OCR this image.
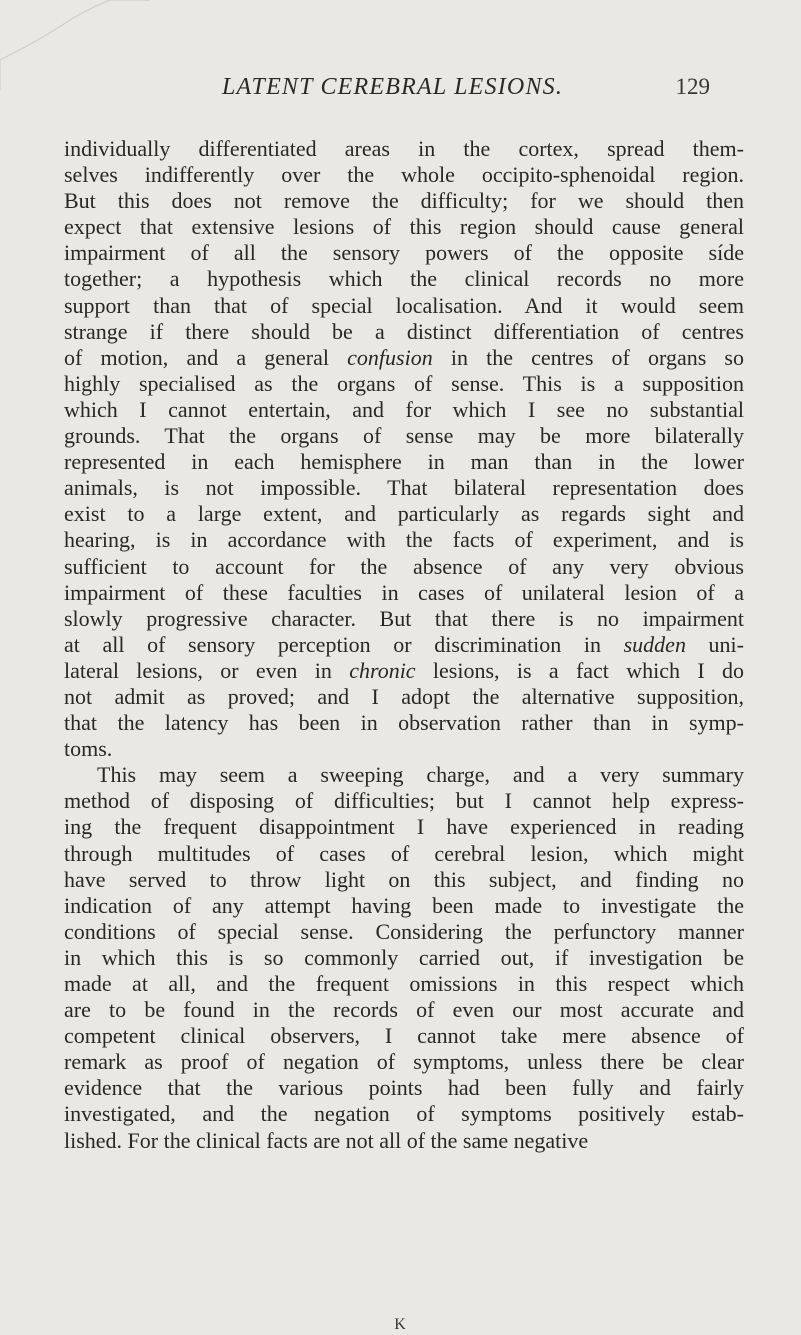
LATENT CEREBRAL LESIONS.	129
individually differentiated areas in the cortex, spread them-
selves indifferently over the whole occipito-sphenoidal region.
But this does not remove the difficulty; for we should then
expect that extensive lesions of this region should cause general
impairment of all the sensory powers of the opposite síde
together; a hypothesis which the clinical records no more
support than that of special localisation. And it would seem
strange if there should be a distinct differentiation of centres
of motion, and a general confusion in the centres of organs so
highly specialised as the organs of sense. This is a supposition
which I cannot entertain, and for which I see no substantial
grounds. That the organs of sense may be more bilaterally
represented in each hemisphere in man than in the lower
animals, is not impossible. That bilateral representation does
exist to a large extent, and particularly as regards sight and
hearing, is in accordance with the facts of experiment, and is
sufficient to account for the absence of any very obvious
impairment of these faculties in cases of unilateral lesion of a
slowly progressive character. But that there is no impairment
at all of sensory perception or discrimination in sudden uni-
lateral lesions, or even in chronic lesions, is a fact which I do
not admit as proved; and I adopt the alternative supposition,
that the latency has been in observation rather than in symp-
toms.
This may seem a sweeping charge, and a very summary
method of disposing of difficulties; but I cannot help express-
ing the frequent disappointment I have experienced in reading
through multitudes of cases of cerebral lesion, which might
have served to throw light on this subject, and finding no
indication of any attempt having been made to investigate the
conditions of special sense. Considering the perfunctory manner
in which this is so commonly carried out, if investigation be
made at all, and the frequent omissions in this respect which
are to be found in the records of even our most accurate and
competent clinical observers, I cannot take mere absence of
remark as proof of negation of symptoms, unless there be clear
evidence that the various points had been fully and fairly
investigated, and the negation of symptoms positively estab-
lished. For the clinical facts are not all of the same negative
K
